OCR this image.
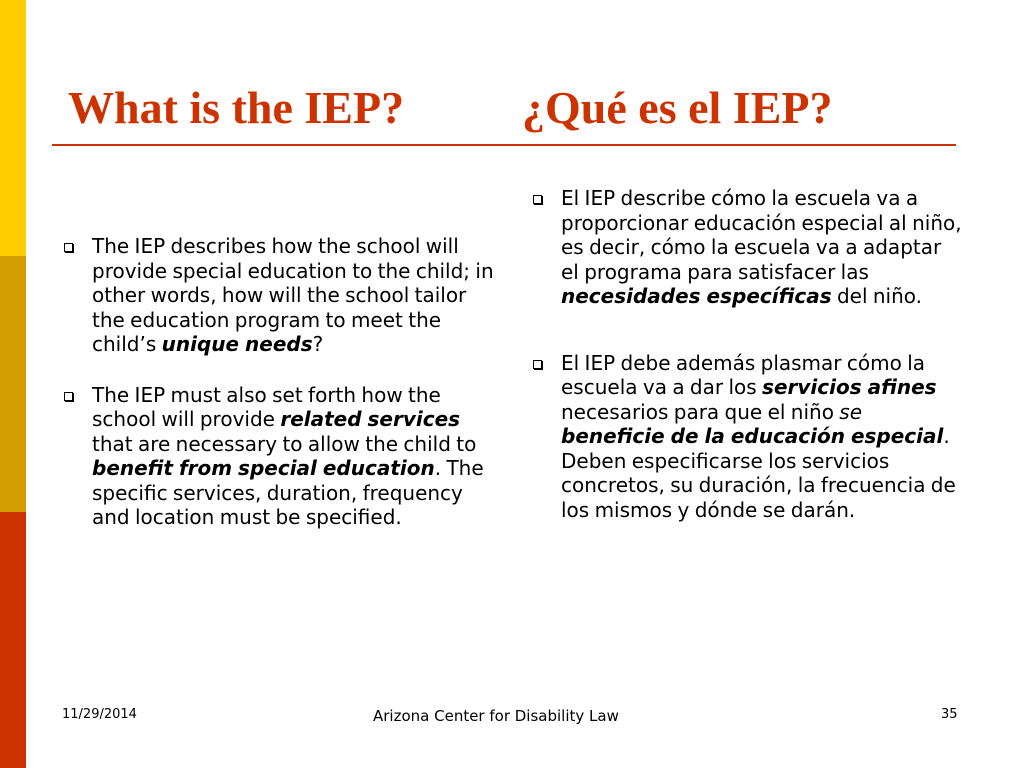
What is the IEP?	¿Qué es el IEP?
The IEP describes how the school will provide special education to the child; in other words, how will the school tailor the education program to meet the child’s unique needs?
The IEP must also set forth how the school will provide related services that are necessary to allow the child to benefit from special education. The specific services, duration, frequency and location must be specified.
El IEP describe cómo la escuela va a proporcionar educación especial al niño, es decir, cómo la escuela va a adaptar el programa para satisfacer las necesidades específicas del niño.
El IEP debe además plasmar cómo la escuela va a dar los servicios afines necesarios para que el niño se beneficie de la educación especial. Deben especificarse los servicios concretos, su duración, la frecuencia de los mismos y dónde se darán.
11/29/2014	Arizona Center for Disability Law	35
